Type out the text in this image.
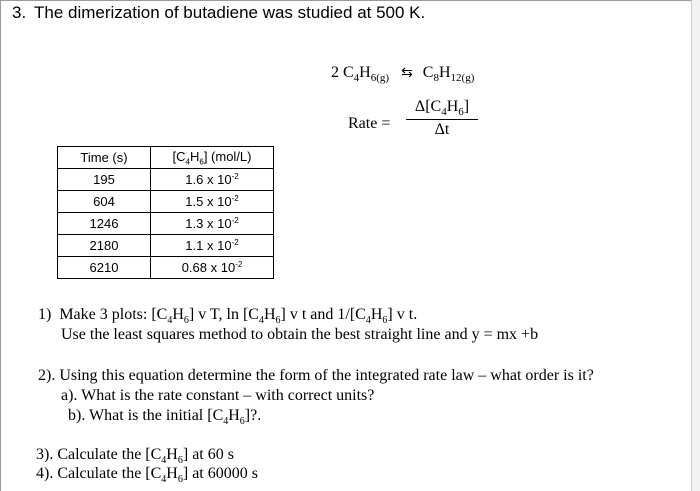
3. The dimerization of butadiene was studied at 500 K.
2 $C_4H_{6(g)}$ ⇆ $C_8H_{12(g)}$
Rate = $\frac{\Delta[C_4H_6]}{\Delta t}$
Time (s)	$[C_4H_6]$ (mol/L)
195	1.6 x $10^{-2}$
604	1.5 x $10^{-2}$
1246	1.3 x $10^{-2}$
2180	1.1 x $10^{-2}$
6210	0.68 x $10^{-2}$
1) Make 3 plots: $[C_4H_6]$ v T, $\ln [C_4H_6]$ v t and $1/[C_4H_6]$ v t.
Use the least squares method to obtain the best straight line and y = mx +b
2). Using this equation determine the form of the integrated rate law – what order is it?
a). What is the rate constant – with correct units?
b). What is the initial $[C_4H_6]$?.
3). Calculate the $[C_4H_6]$ at 60 s
4). Calculate the $[C_4H_6]$ at 60000 s
